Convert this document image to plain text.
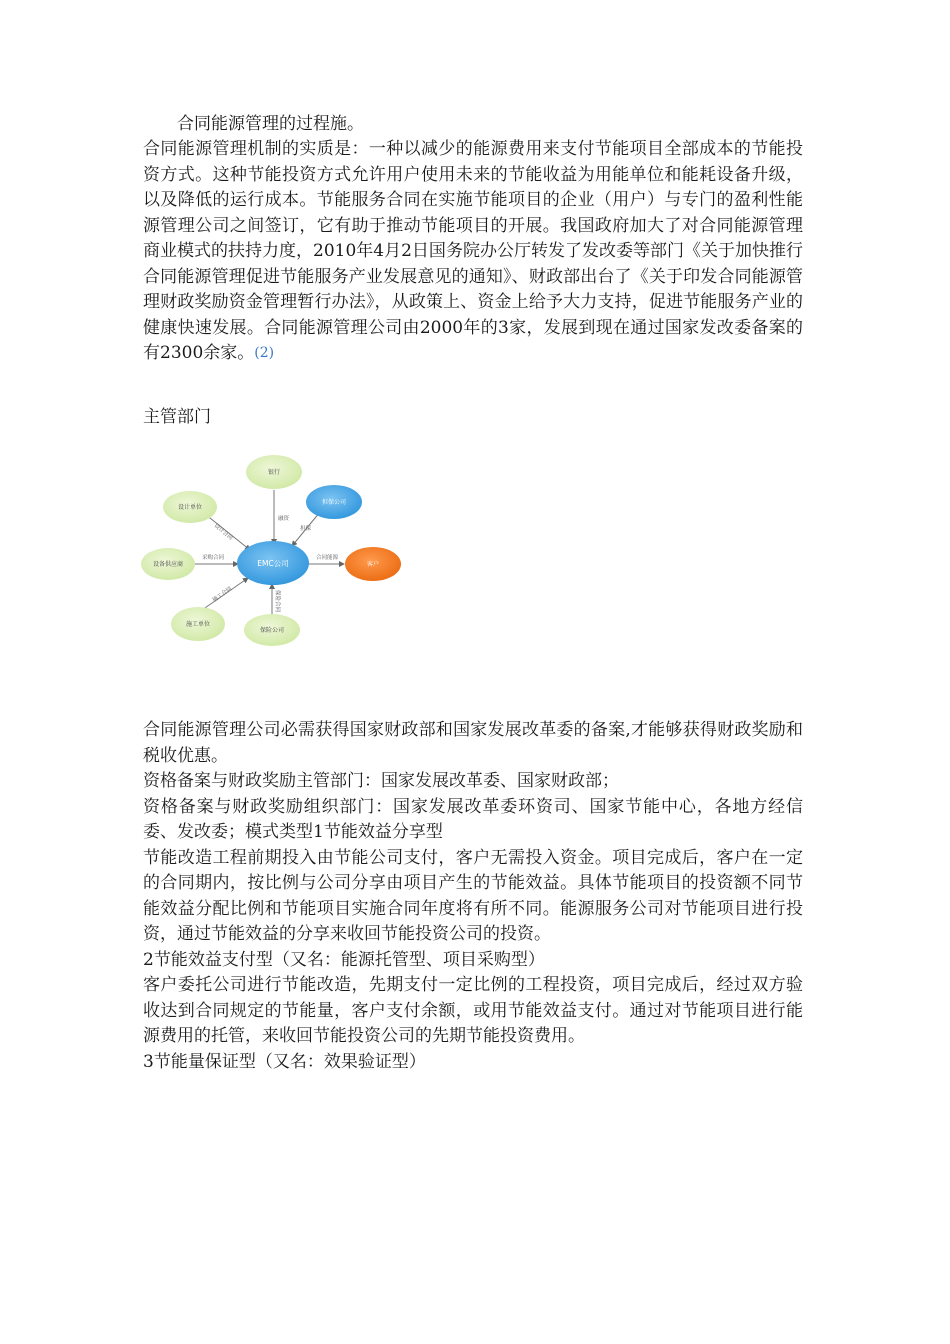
合同能源管理的过程施。
合同能源管理机制的实质是：一种以减少的能源费用来支付节能项目全部成本的节能投资方式。这种节能投资方式允许用户使用未来的节能收益为用能单位和能耗设备升级，以及降低的运行成本。节能服务合同在实施节能项目的企业（用户）与专门的盈利性能源管理公司之间签订，它有助于推动节能项目的开展。我国政府加大了对合同能源管理商业模式的扶持力度，2010年4月2日国务院办公厅转发了发改委等部门《关于加快推行合同能源管理促进节能服务产业发展意见的通知》、财政部出台了《关于印发合同能源管理财政奖励资金管理暂行办法》，从政策上、资金上给予大力支持，促进节能服务产业的健康快速发展。合同能源管理公司由2000年的3家，发展到现在通过国家发改委备案的有2300余家。(2)
主管部门
融资
担保
设计合同
采购合同
施工合同	保险合同
合同能源
银行
担保公司
设计单位
设备供应商	EMC公司	客户
施工单位
保险公司

合同能源管理公司必需获得国家财政部和国家发展改革委的备案,才能够获得财政奖励和税收优惠。

资格备案与财政奖励主管部门：国家发展改革委、国家财政部；

资格备案与财政奖励组织部门：国家发展改革委环资司、国家节能中心，各地方经信委、发改委；模式类型1节能效益分享型

节能改造工程前期投入由节能公司支付，客户无需投入资金。项目完成后，客户在一定的合同期内，按比例与公司分享由项目产生的节能效益。具体节能项目的投资额不同节能效益分配比例和节能项目实施合同年度将有所不同。能源服务公司对节能项目进行投资，通过节能效益的分享来收回节能投资公司的投资。

2节能效益支付型（又名：能源托管型、项目采购型）

客户委托公司进行节能改造，先期支付一定比例的工程投资，项目完成后，经过双方验收达到合同规定的节能量，客户支付余额，或用节能效益支付。通过对节能项目进行能源费用的托管，来收回节能投资公司的先期节能投资费用。

3节能量保证型（又名：效果验证型）
